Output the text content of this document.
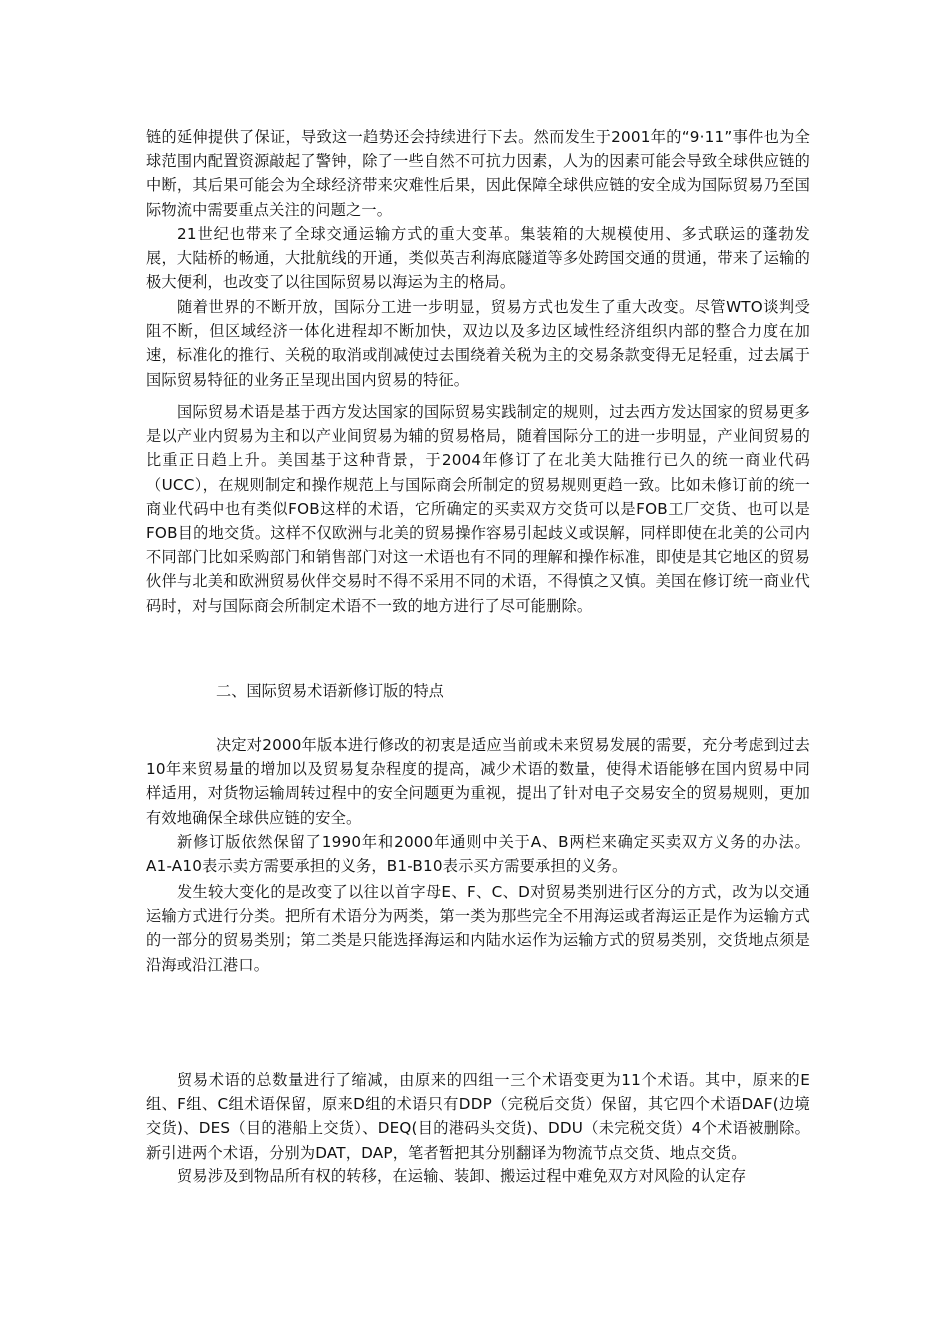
链的延伸提供了保证，导致这一趋势还会持续进行下去。然而发生于2001年的“9·11”事件也为全球范围内配置资源敲起了警钟，除了一些自然不可抗力因素，人为的因素可能会导致全球供应链的中断，其后果可能会为全球经济带来灾难性后果，因此保障全球供应链的安全成为国际贸易乃至国际物流中需要重点关注的问题之一。

21世纪也带来了全球交通运输方式的重大变革。集装箱的大规模使用、多式联运的蓬勃发展，大陆桥的畅通，大批航线的开通，类似英吉利海底隧道等多处跨国交通的贯通，带来了运输的极大便利，也改变了以往国际贸易以海运为主的格局。

随着世界的不断开放，国际分工进一步明显，贸易方式也发生了重大改变。尽管WTO谈判受阻不断，但区域经济一体化进程却不断加快，双边以及多边区域性经济组织内部的整合力度在加速，标准化的推行、关税的取消或削减使过去围绕着关税为主的交易条款变得无足轻重，过去属于国际贸易特征的业务正呈现出国内贸易的特征。

国际贸易术语是基于西方发达国家的国际贸易实践制定的规则，过去西方发达国家的贸易更多是以产业内贸易为主和以产业间贸易为辅的贸易格局，随着国际分工的进一步明显，产业间贸易的比重正日趋上升。美国基于这种背景，于2004年修订了在北美大陆推行已久的统一商业代码（UCC），在规则制定和操作规范上与国际商会所制定的贸易规则更趋一致。比如未修订前的统一商业代码中也有类似FOB这样的术语，它所确定的买卖双方交货可以是FOB工厂交货、也可以是FOB目的地交货。这样不仅欧洲与北美的贸易操作容易引起歧义或误解，同样即使在北美的公司内不同部门比如采购部门和销售部门对这一术语也有不同的理解和操作标准，即使是其它地区的贸易伙伴与北美和欧洲贸易伙伴交易时不得不采用不同的术语，不得慎之又慎。美国在修订统一商业代码时，对与国际商会所制定术语不一致的地方进行了尽可能删除。

二、国际贸易术语新修订版的特点

决定对2000年版本进行修改的初衷是适应当前或未来贸易发展的需要，充分考虑到过去10年来贸易量的增加以及贸易复杂程度的提高，减少术语的数量，使得术语能够在国内贸易中同样适用，对货物运输周转过程中的安全问题更为重视，提出了针对电子交易安全的贸易规则，更加有效地确保全球供应链的安全。

新修订版依然保留了1990年和2000年通则中关于A、B两栏来确定买卖双方义务的办法。A1-A10表示卖方需要承担的义务，B1-B10表示买方需要承担的义务。

发生较大变化的是改变了以往以首字母E、F、C、D对贸易类别进行区分的方式，改为以交通运输方式进行分类。把所有术语分为两类，第一类为那些完全不用海运或者海运正是作为运输方式的一部分的贸易类别；第二类是只能选择海运和内陆水运作为运输方式的贸易类别，交货地点须是沿海或沿江港口。

贸易术语的总数量进行了缩减，由原来的四组一三个术语变更为11个术语。其中，原来的E组、F组、C组术语保留，原来D组的术语只有DDP（完税后交货）保留，其它四个术语DAF(边境交货)、DES（目的港船上交货）、DEQ(目的港码头交货)、DDU（未完税交货）4个术语被删除。新引进两个术语，分别为DAT，DAP，笔者暂把其分别翻译为物流节点交货、地点交货。

贸易涉及到物品所有权的转移，在运输、装卸、搬运过程中难免双方对风险的认定存
